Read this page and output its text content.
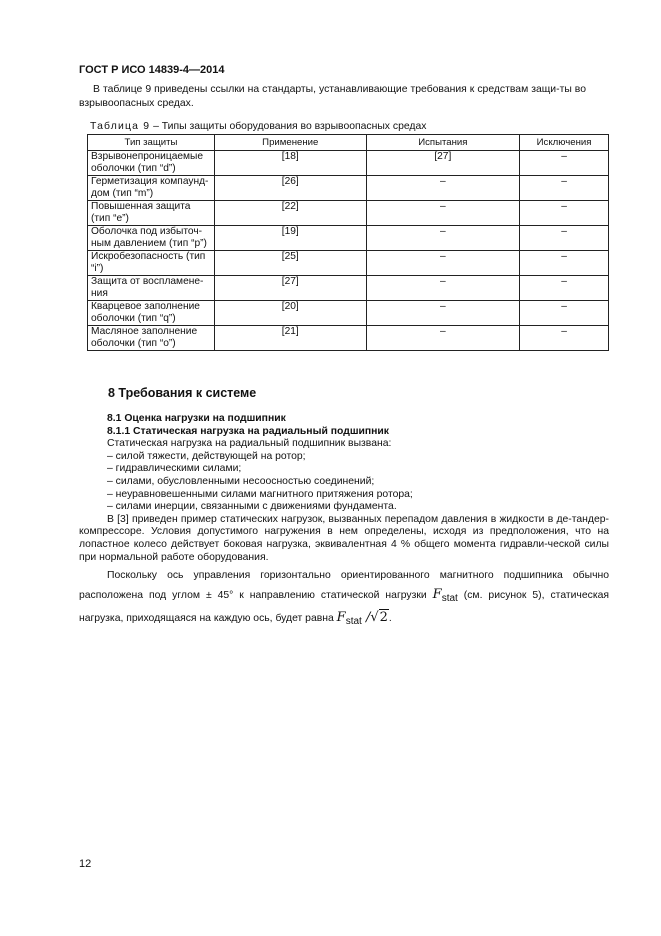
ГОСТ Р ИСО 14839-4—2014

В таблице 9 приведены ссылки на стандарты, устанавливающие требования к средствам защи-ты во взрывоопасных средах.

Таблица 9 – Типы защиты оборудования во взрывоопасных средах
Тип защиты	Применение	Испытания	Исключения
Взрывонепроницаемые оболочки (тип “d”)	[18]	[27]	–
Герметизация компаунд-дом (тип “m”)	[26]	–	–
Повышенная защита (тип “e”)	[22]	–	–
Оболочка под избыточ-ным давлением (тип “p”)	[19]	–	–
Искробезопасность (тип “i”)	[25]	–	–
Защита от воспламене-ния	[27]	–	–
Кварцевое заполнение оболочки (тип “q”)	[20]	–	–
Масляное заполнение оболочки (тип “o”)	[21]	–	–
8 Требования к системе
8.1 Оценка нагрузки на подшипник
8.1.1 Статическая нагрузка на радиальный подшипник
Статическая нагрузка на радиальный подшипник вызвана:
– силой тяжести, действующей на ротор;
– гидравлическими силами;
– силами, обусловленными несоосностью соединений;
– неуравновешенными силами магнитного притяжения ротора;
– силами инерции, связанными с движениями фундамента.

В [3] приведен пример статических нагрузок, вызванных перепадом давления в жидкости в де-тандер-компрессоре. Условия допустимого нагружения в нем определены, исходя из предположения, что на лопастное колесо действует боковая нагрузка, эквивалентная 4 % общего момента гидравли-ческой силы при нормальной работе оборудования.

Поскольку ось управления горизонтально ориентированного магнитного подшипника обычно расположена под углом ± 45° к направлению статической нагрузки $F_{stat}$ (см. рисунок 5), статическая нагрузка, приходящаяся на каждую ось, будет равна $F_{stat}$ /√2.

12
